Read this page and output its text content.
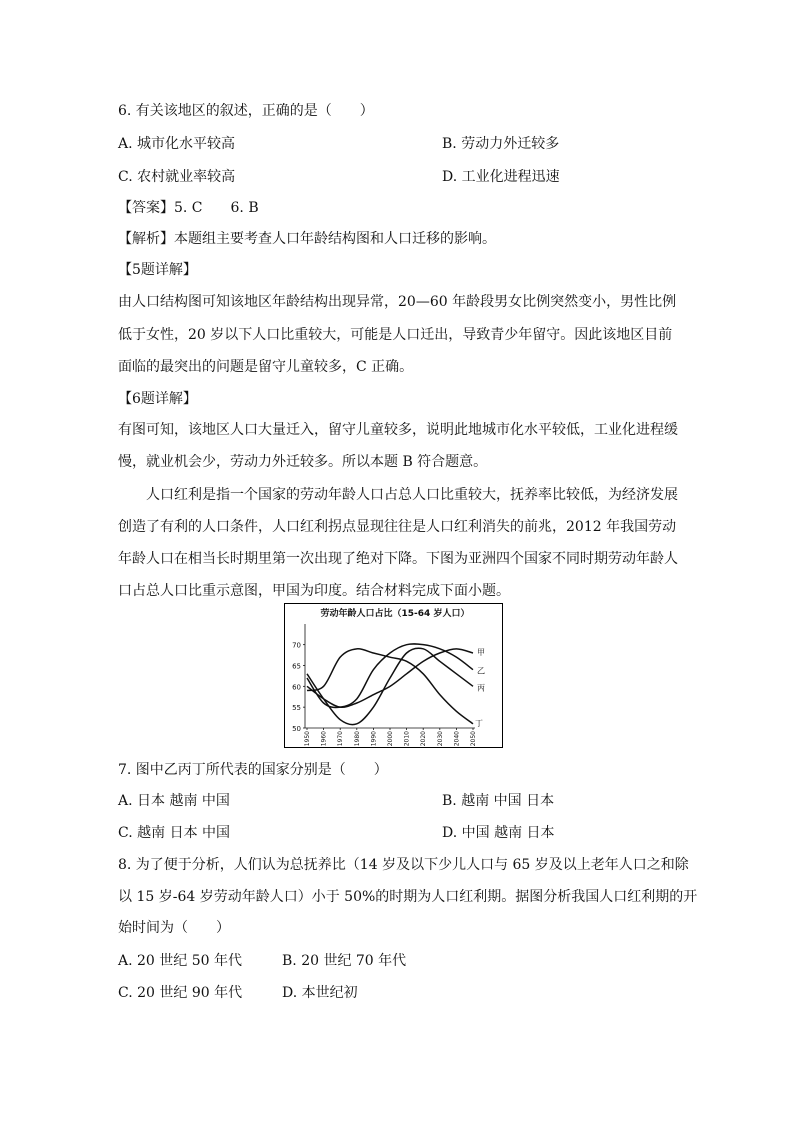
6. 有关该地区的叙述，正确的是（　　）
A. 城市化水平较高	B. 劳动力外迁较多
C. 农村就业率较高	D. 工业化进程迅速
【答案】5. C　　6. B
【解析】本题组主要考查人口年龄结构图和人口迁移的影响。
【5题详解】
由人口结构图可知该地区年龄结构出现异常，20—60 年龄段男女比例突然变小，男性比例
低于女性，20 岁以下人口比重较大，可能是人口迁出，导致青少年留守。因此该地区目前
面临的最突出的问题是留守儿童较多，C 正确。
【6题详解】
有图可知，该地区人口大量迁入，留守儿童较多，说明此地城市化水平较低，工业化进程缓
慢，就业机会少，劳动力外迁较多。所以本题 B 符合题意。
人口红利是指一个国家的劳动年龄人口占总人口比重较大，抚养率比较低，为经济发展
创造了有利的人口条件，人口红利拐点显现往往是人口红利消失的前兆，2012 年我国劳动
年龄人口在相当长时期里第一次出现了绝对下降。下图为亚洲四个国家不同时期劳动年龄人
口占总人口比重示意图，甲国为印度。结合材料完成下面小题。
劳动年龄人口占比（15-64 岁人口）
50
55
60
65
70
1950 1960 1970 1980 1990 2000 2010 2020 2030 2040 2050
甲
乙
丙
丁
7. 图中乙丙丁所代表的国家分别是（　　）
A. 日本 越南 中国	B. 越南 中国 日本
C. 越南 日本 中国	D. 中国 越南 日本
8. 为了便于分析，人们认为总抚养比（14 岁及以下少儿人口与 65 岁及以上老年人口之和除
以 15 岁-64 岁劳动年龄人口）小于 50%的时期为人口红利期。据图分析我国人口红利期的开
始时间为（　　）
A. 20 世纪 50 年代	B. 20 世纪 70 年代
C. 20 世纪 90 年代	D. 本世纪初
